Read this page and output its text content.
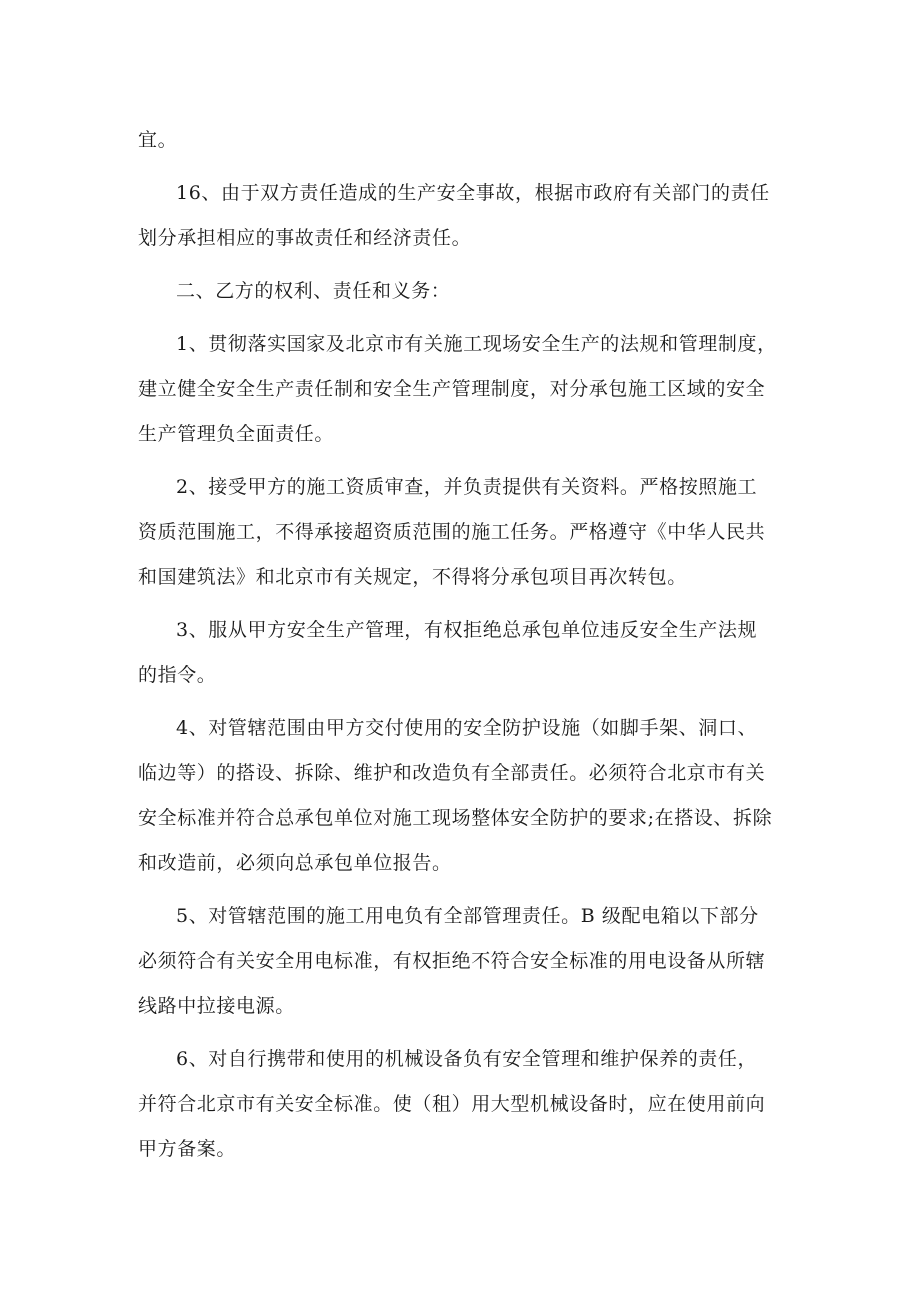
宜。

16、由于双方责任造成的生产安全事故，根据市政府有关部门的责任
划分承担相应的事故责任和经济责任。

二、乙方的权利、责任和义务：

1、贯彻落实国家及北京市有关施工现场安全生产的法规和管理制度，
建立健全安全生产责任制和安全生产管理制度，对分承包施工区域的安全
生产管理负全面责任。

2、接受甲方的施工资质审查，并负责提供有关资料。严格按照施工
资质范围施工，不得承接超资质范围的施工任务。严格遵守《中华人民共
和国建筑法》和北京市有关规定，不得将分承包项目再次转包。

3、服从甲方安全生产管理，有权拒绝总承包单位违反安全生产法规
的指令。

4、对管辖范围由甲方交付使用的安全防护设施（如脚手架、洞口、
临边等）的搭设、拆除、维护和改造负有全部责任。必须符合北京市有关
安全标准并符合总承包单位对施工现场整体安全防护的要求;在搭设、拆除
和改造前，必须向总承包单位报告。

5、对管辖范围的施工用电负有全部管理责任。B 级配电箱以下部分
必须符合有关安全用电标准，有权拒绝不符合安全标准的用电设备从所辖
线路中拉接电源。

6、对自行携带和使用的机械设备负有安全管理和维护保养的责任，
并符合北京市有关安全标准。使（租）用大型机械设备时，应在使用前向
甲方备案。
